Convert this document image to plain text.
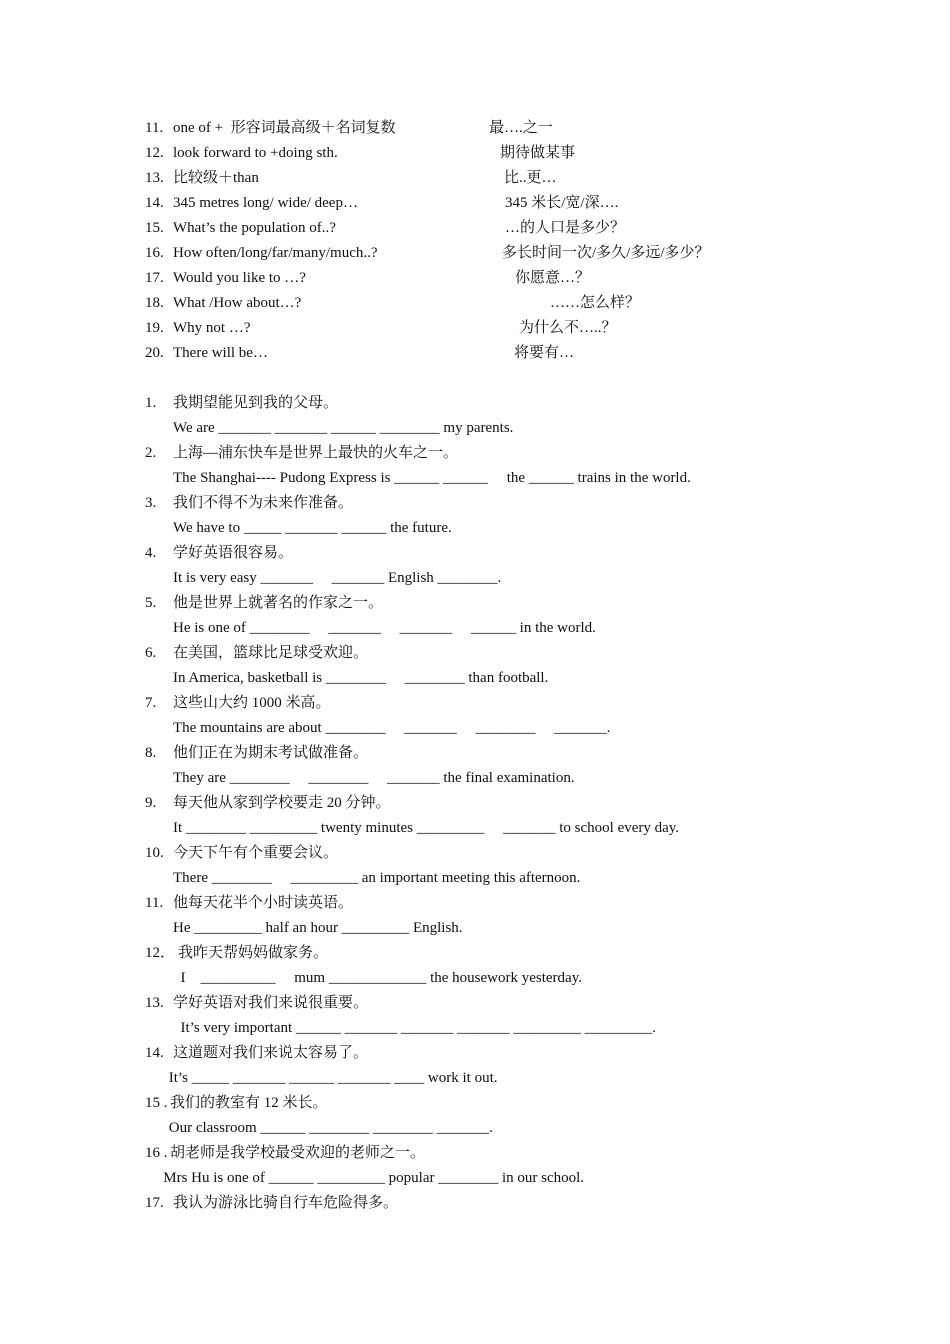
11. one of +  形容词最高级＋名词复数	最….之一
12. look forward to +doing sth.	期待做某事
13. 比较级＋than	比..更…
14. 345 metres long/ wide/ deep…	345 米长/宽/深….
15. What’s the population of..?	…的人口是多少？
16. How often/long/far/many/much..?	多长时间一次/多久/多远/多少？
17. Would you like to …?	你愿意…？
18. What /How about…?	……怎么样？
19. Why not …?	为什么不…..？
20. There will be…	将要有…
1. 我期望能见到我的父母。
We are _______ _______ ______ ________ my parents.
2. 上海—浦东快车是世界上最快的火车之一。
The Shanghai---- Pudong Express is ______ ______     the ______ trains in the world.
3. 我们不得不为未来作准备。
We have to _____ _______ ______ the future.
4. 学好英语很容易。
It is very easy _______     _______ English ________.
5. 他是世界上就著名的作家之一。
He is one of ________     _______     _______     ______ in the world.
6. 在美国，篮球比足球受欢迎。
In America, basketball is ________     ________ than football.
7. 这些山大约 1000 米高。
The mountains are about ________     _______     ________     _______.
8. 他们正在为期末考试做准备。
They are ________     ________     _______ the final examination.
9. 每天他从家到学校要走 20 分钟。
It ________ _________ twenty minutes _________     _______ to school every day.
10. 今天下午有个重要会议。
There ________     _________ an important meeting this afternoon.
11. 他每天花半个小时读英语。
He _________ half an hour _________ English.
12． 我昨天帮妈妈做家务。
I    __________     mum _____________ the housework yesterday.
13. 学好英语对我们来说很重要。
It’s very important ______ _______ _______ _______ _________ _________.
14. 这道题对我们来说太容易了。
It’s _____ _______ ______ _______ ____ work it out.
15 . 我们的教室有 12 米长。
Our classroom ______ ________ ________ _______.
16 . 胡老师是我学校最受欢迎的老师之一。
Mrs Hu is one of ______ _________ popular ________ in our school.
17. 我认为游泳比骑自行车危险得多。
